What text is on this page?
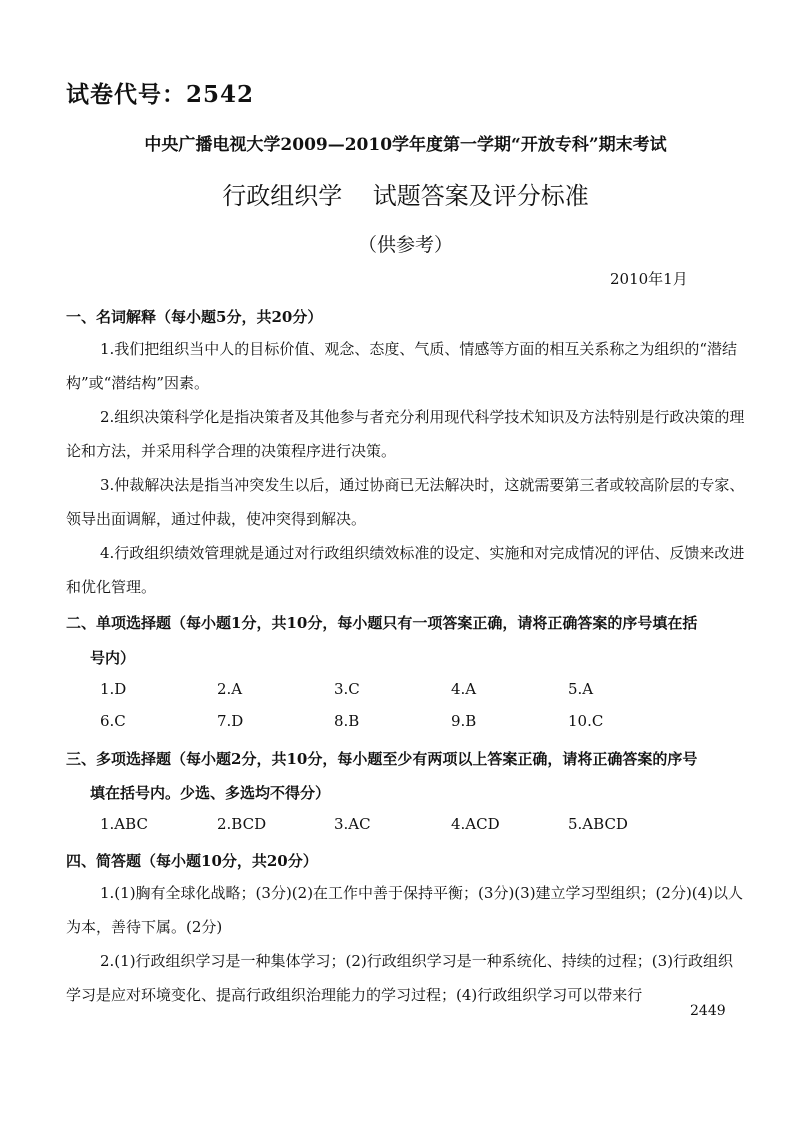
试卷代号：2542
中央广播电视大学2009—2010学年度第一学期“开放专科”期末考试
行政组织学    试题答案及评分标准
（供参考）
2010年1月
一、名词解释（每小题5分，共20分）
1.我们把组织当中人的目标价值、观念、态度、气质、情感等方面的相互关系称之为组织的“潜结构”或“潜结构”因素。
2.组织决策科学化是指决策者及其他参与者充分利用现代科学技术知识及方法特别是行政决策的理论和方法，并采用科学合理的决策程序进行决策。
3.仲裁解决法是指当冲突发生以后，通过协商已无法解决时，这就需要第三者或较高阶层的专家、领导出面调解，通过仲裁，使冲突得到解决。
4.行政组织绩效管理就是通过对行政组织绩效标准的设定、实施和对完成情况的评估、反馈来改进和优化管理。
二、单项选择题（每小题1分，共10分，每小题只有一项答案正确，请将正确答案的序号填在括
号内）
1.D	2.A	3.C	4.A	5.A
6.C	7.D	8.B	9.B	10.C
三、多项选择题（每小题2分，共10分，每小题至少有两项以上答案正确，请将正确答案的序号
填在括号内。少选、多选均不得分）
1.ABC	2.BCD	3.AC	4.ACD	5.ABCD
四、简答题（每小题10分，共20分）
1.(1)胸有全球化战略；(3分)(2)在工作中善于保持平衡；(3分)(3)建立学习型组织；(2分)(4)以人为本，善待下属。(2分)
2.(1)行政组织学习是一种集体学习；(2)行政组织学习是一种系统化、持续的过程；(3)行政组织学习是应对环境变化、提高行政组织治理能力的学习过程；(4)行政组织学习可以带来行
2449
